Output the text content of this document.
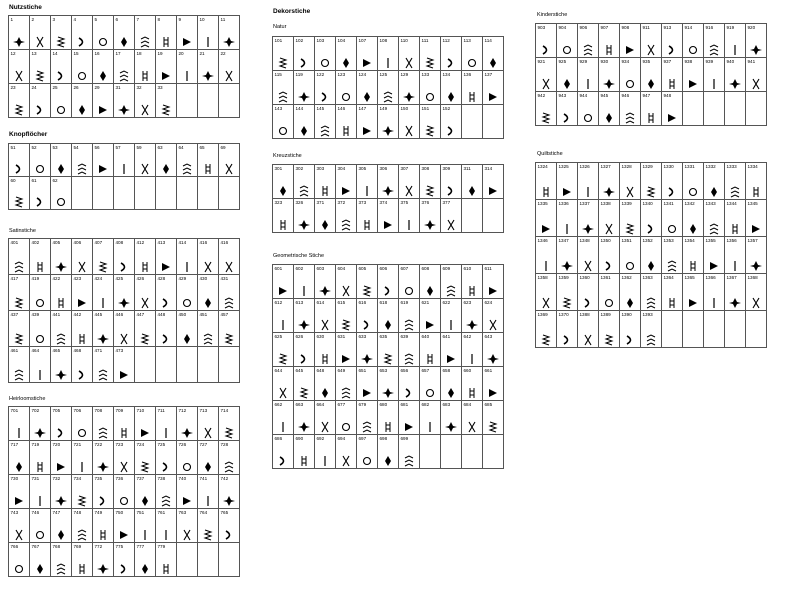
Nutzstiche
1	2	3	4	5	6	7	8	9	10	11
12	13	14	15	16	17	18	19	20	21	22
23	24	25	26	29	31	32	33
Knopflöcher
51	52	53	54	56	57	59	63	64	65	69
60	61	62
Satinstiche
401	402	405	406	407	408	412	413	414	416	416
417	419	422	423	424	425	426	428	429	430	431
437	439	441	442	445	446	447	448	450	451	457
461	464	465	468	471	473
Heirloomstiche
701	702	705	706	708	709	710	711	712	713	714
717	719	720	721	722	723	724	725	726	727	728
730	731	732	734	735	736	737	738	740	741	742
743	746	747	748	749	750	751	761	763	764	765
766	767	768	769	772	775	777	779
Dekorstiche
Natur
101	102	103	104	107	108	110	111	112	113	114
115	119	122	123	124	125	129	133	134	136	137
143	144	145	146	147	149	150	151	152
Kreuzstiche
301	302	303	304	305	306	307	308	309	311	314
323	326	371	372	373	374	375	376	377
Geometrische Stiche
601	602	603	604	605	606	607	608	609	610	611
612	613	614	615	616	618	619	621	622	623	624
625	626	630	631	633	635	639	640	641	642	643
644	645	648	649	651	653	656	657	658	660	661
662	663	664	677	679	680	681	682	683	684	685
686	690	692	694	697	698	699
Kinderstiche
903	904	906	907	908	911	913	914	916	919	920
921	925	929	930	934	935	937	938	939	940	941
942	943	944	945	946	947	948
Quiltstiche
1324 1325 1326 1327 1328 1329 1330 1331 1332 1333 1334
1335 1336 1337 1338 1339 1340 1341 1342 1343 1344 1345
1346 1347 1348 1350 1351 1352 1353 1354 1355 1356 1357
1358 1359 1360 1361 1362 1363 1364 1365 1366 1367 1368
1369 1370 1388 1389 1390 1393
